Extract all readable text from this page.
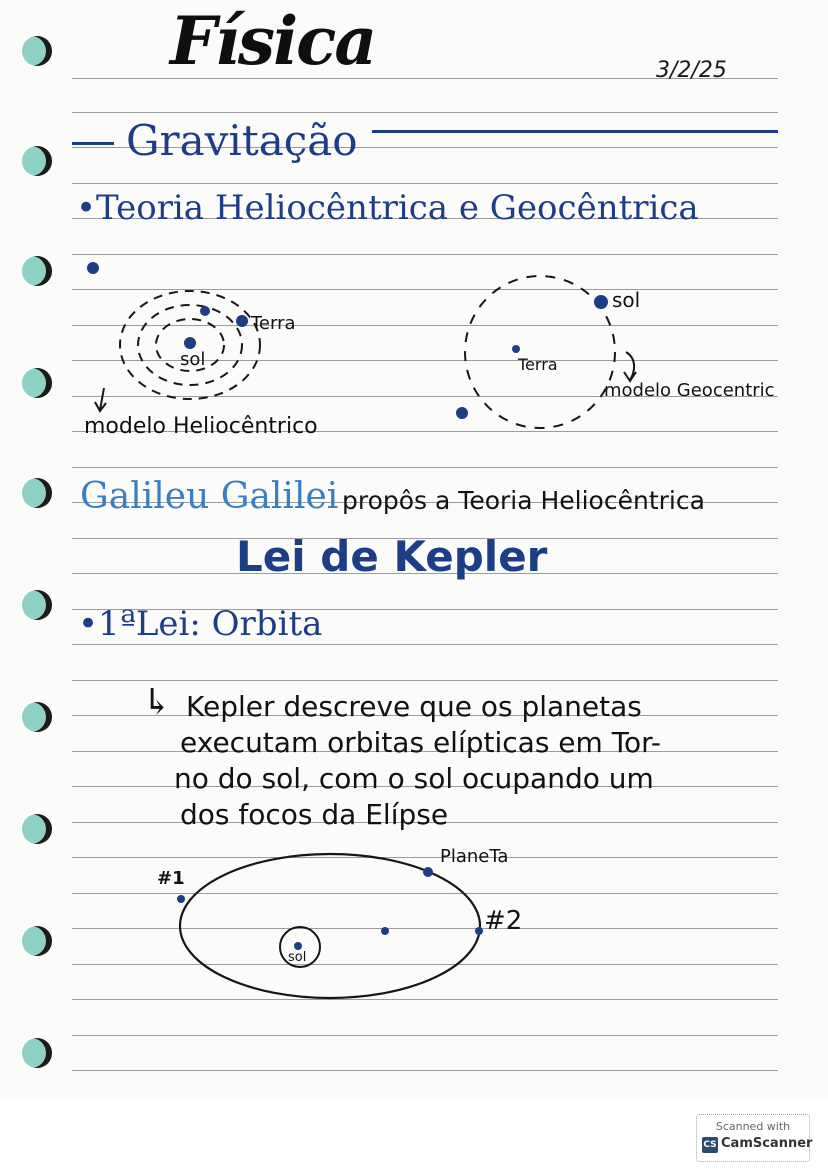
Física	3/2/25
Gravitação
•Teoria Heliocêntrica e Geocêntrica
sol
Terra
modelo Heliocêntrico
sol
Terra
modelo Geocentric
Galileu Galilei propôs a Teoria Heliocêntrica
Lei de Kepler
•1ªLei: Orbita
↳ Kepler descreve que os planetas
executam orbitas elípticas em Tor-
no do sol, com o sol ocupando um
dos focos da Elípse
PlaneTa
#1
#2
sol
Scanned with
CS CamScanner
